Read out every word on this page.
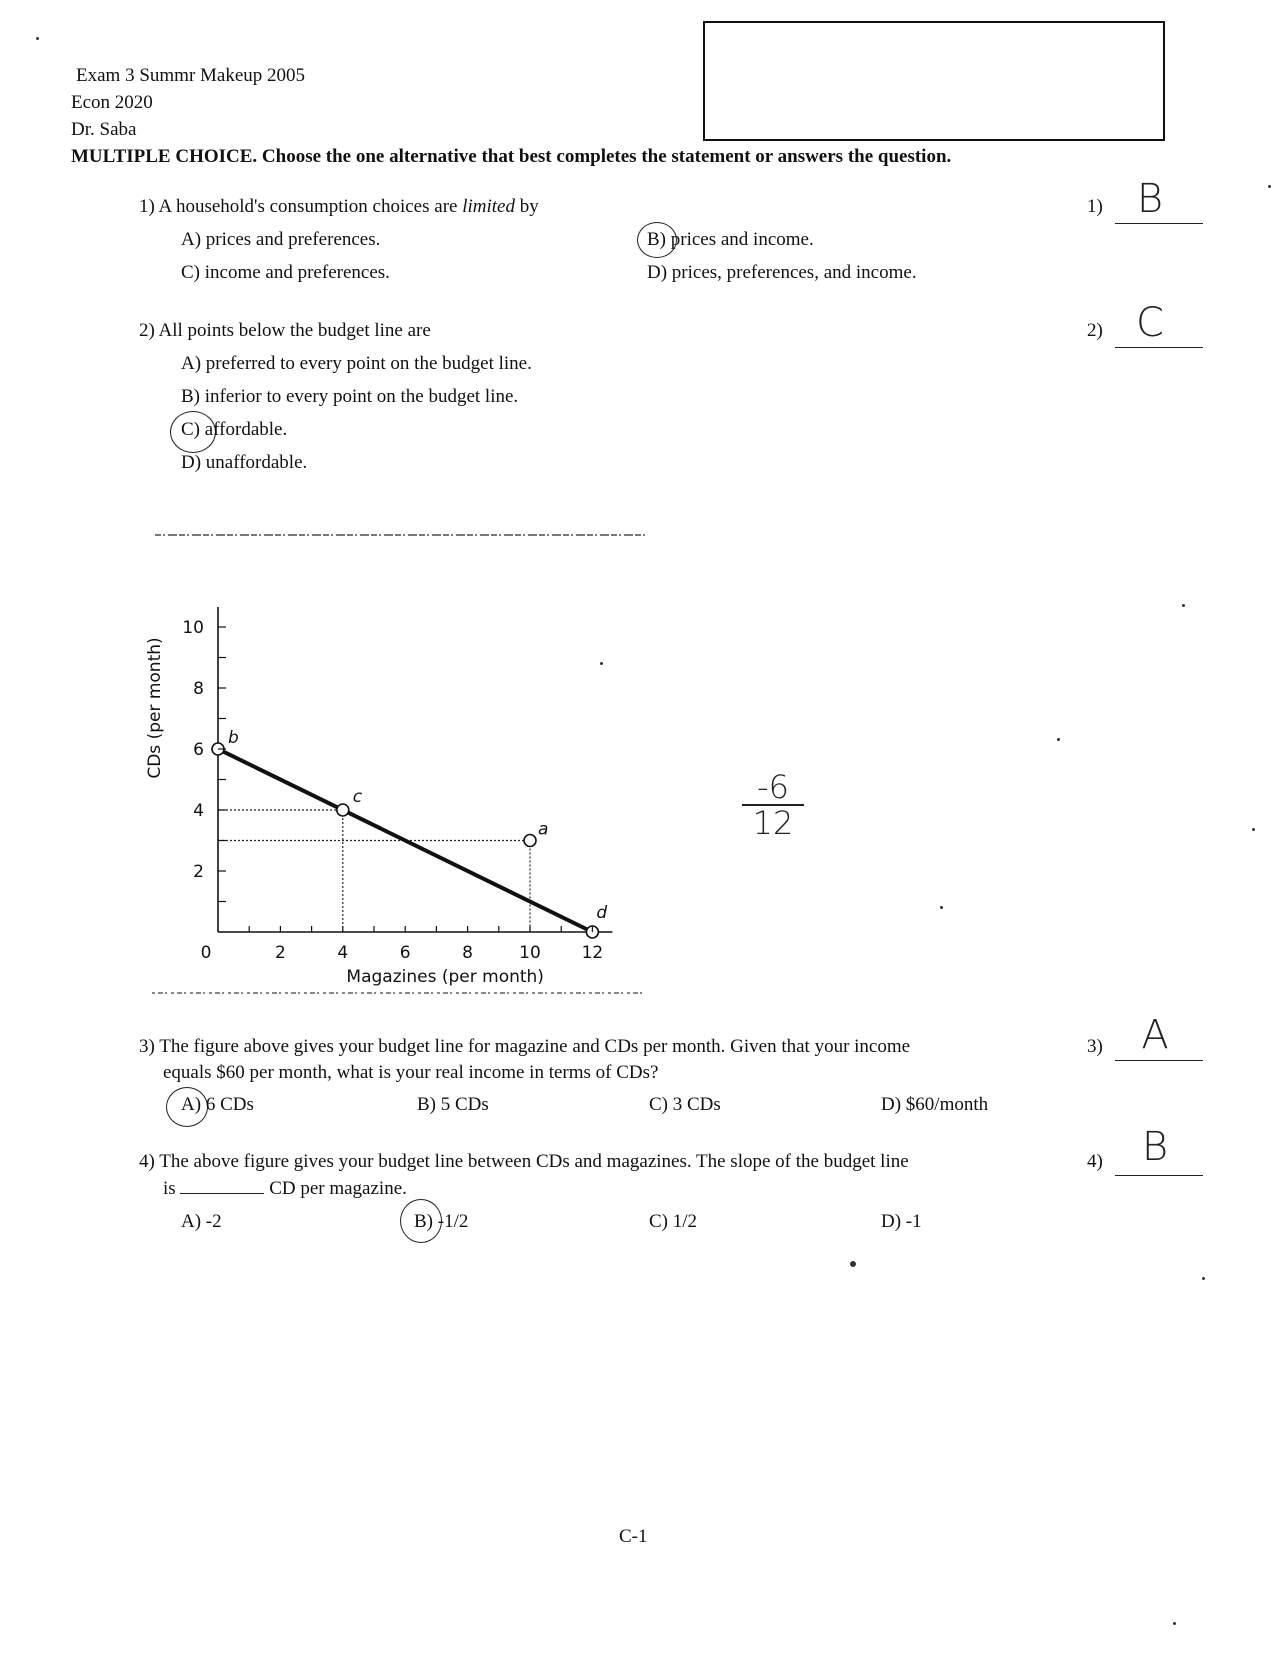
Exam 3 Summr Makeup 2005
Econ 2020
Dr. Saba
MULTIPLE CHOICE. Choose the one alternative that best completes the statement or answers the question.
1) A household's consumption choices are limited by
A) prices and preferences.	B) prices and income.
C) income and preferences.	D) prices, preferences, and income.
1) B
2) All points below the budget line are
A) preferred to every point on the budget line.
B) inferior to every point on the budget line.
C) affordable.
D) unaffordable.
2) C
b
c
a
d
0	2	4	6	8	10 12
2
4
6
8
10
Magazines (per month)
CDs (per month)
-6
12
3) The figure above gives your budget line for magazine and CDs per month. Given that your income
equals $60 per month, what is your real income in terms of CDs?
A) 6 CDs	B) 5 CDs	C) 3 CDs	D) $60/month
3) A
4) The above figure gives your budget line between CDs and magazines. The slope of the budget line
is	CD per magazine.
A) -2	B) -1/2	C) 1/2	D) -1
4) B
C-1
